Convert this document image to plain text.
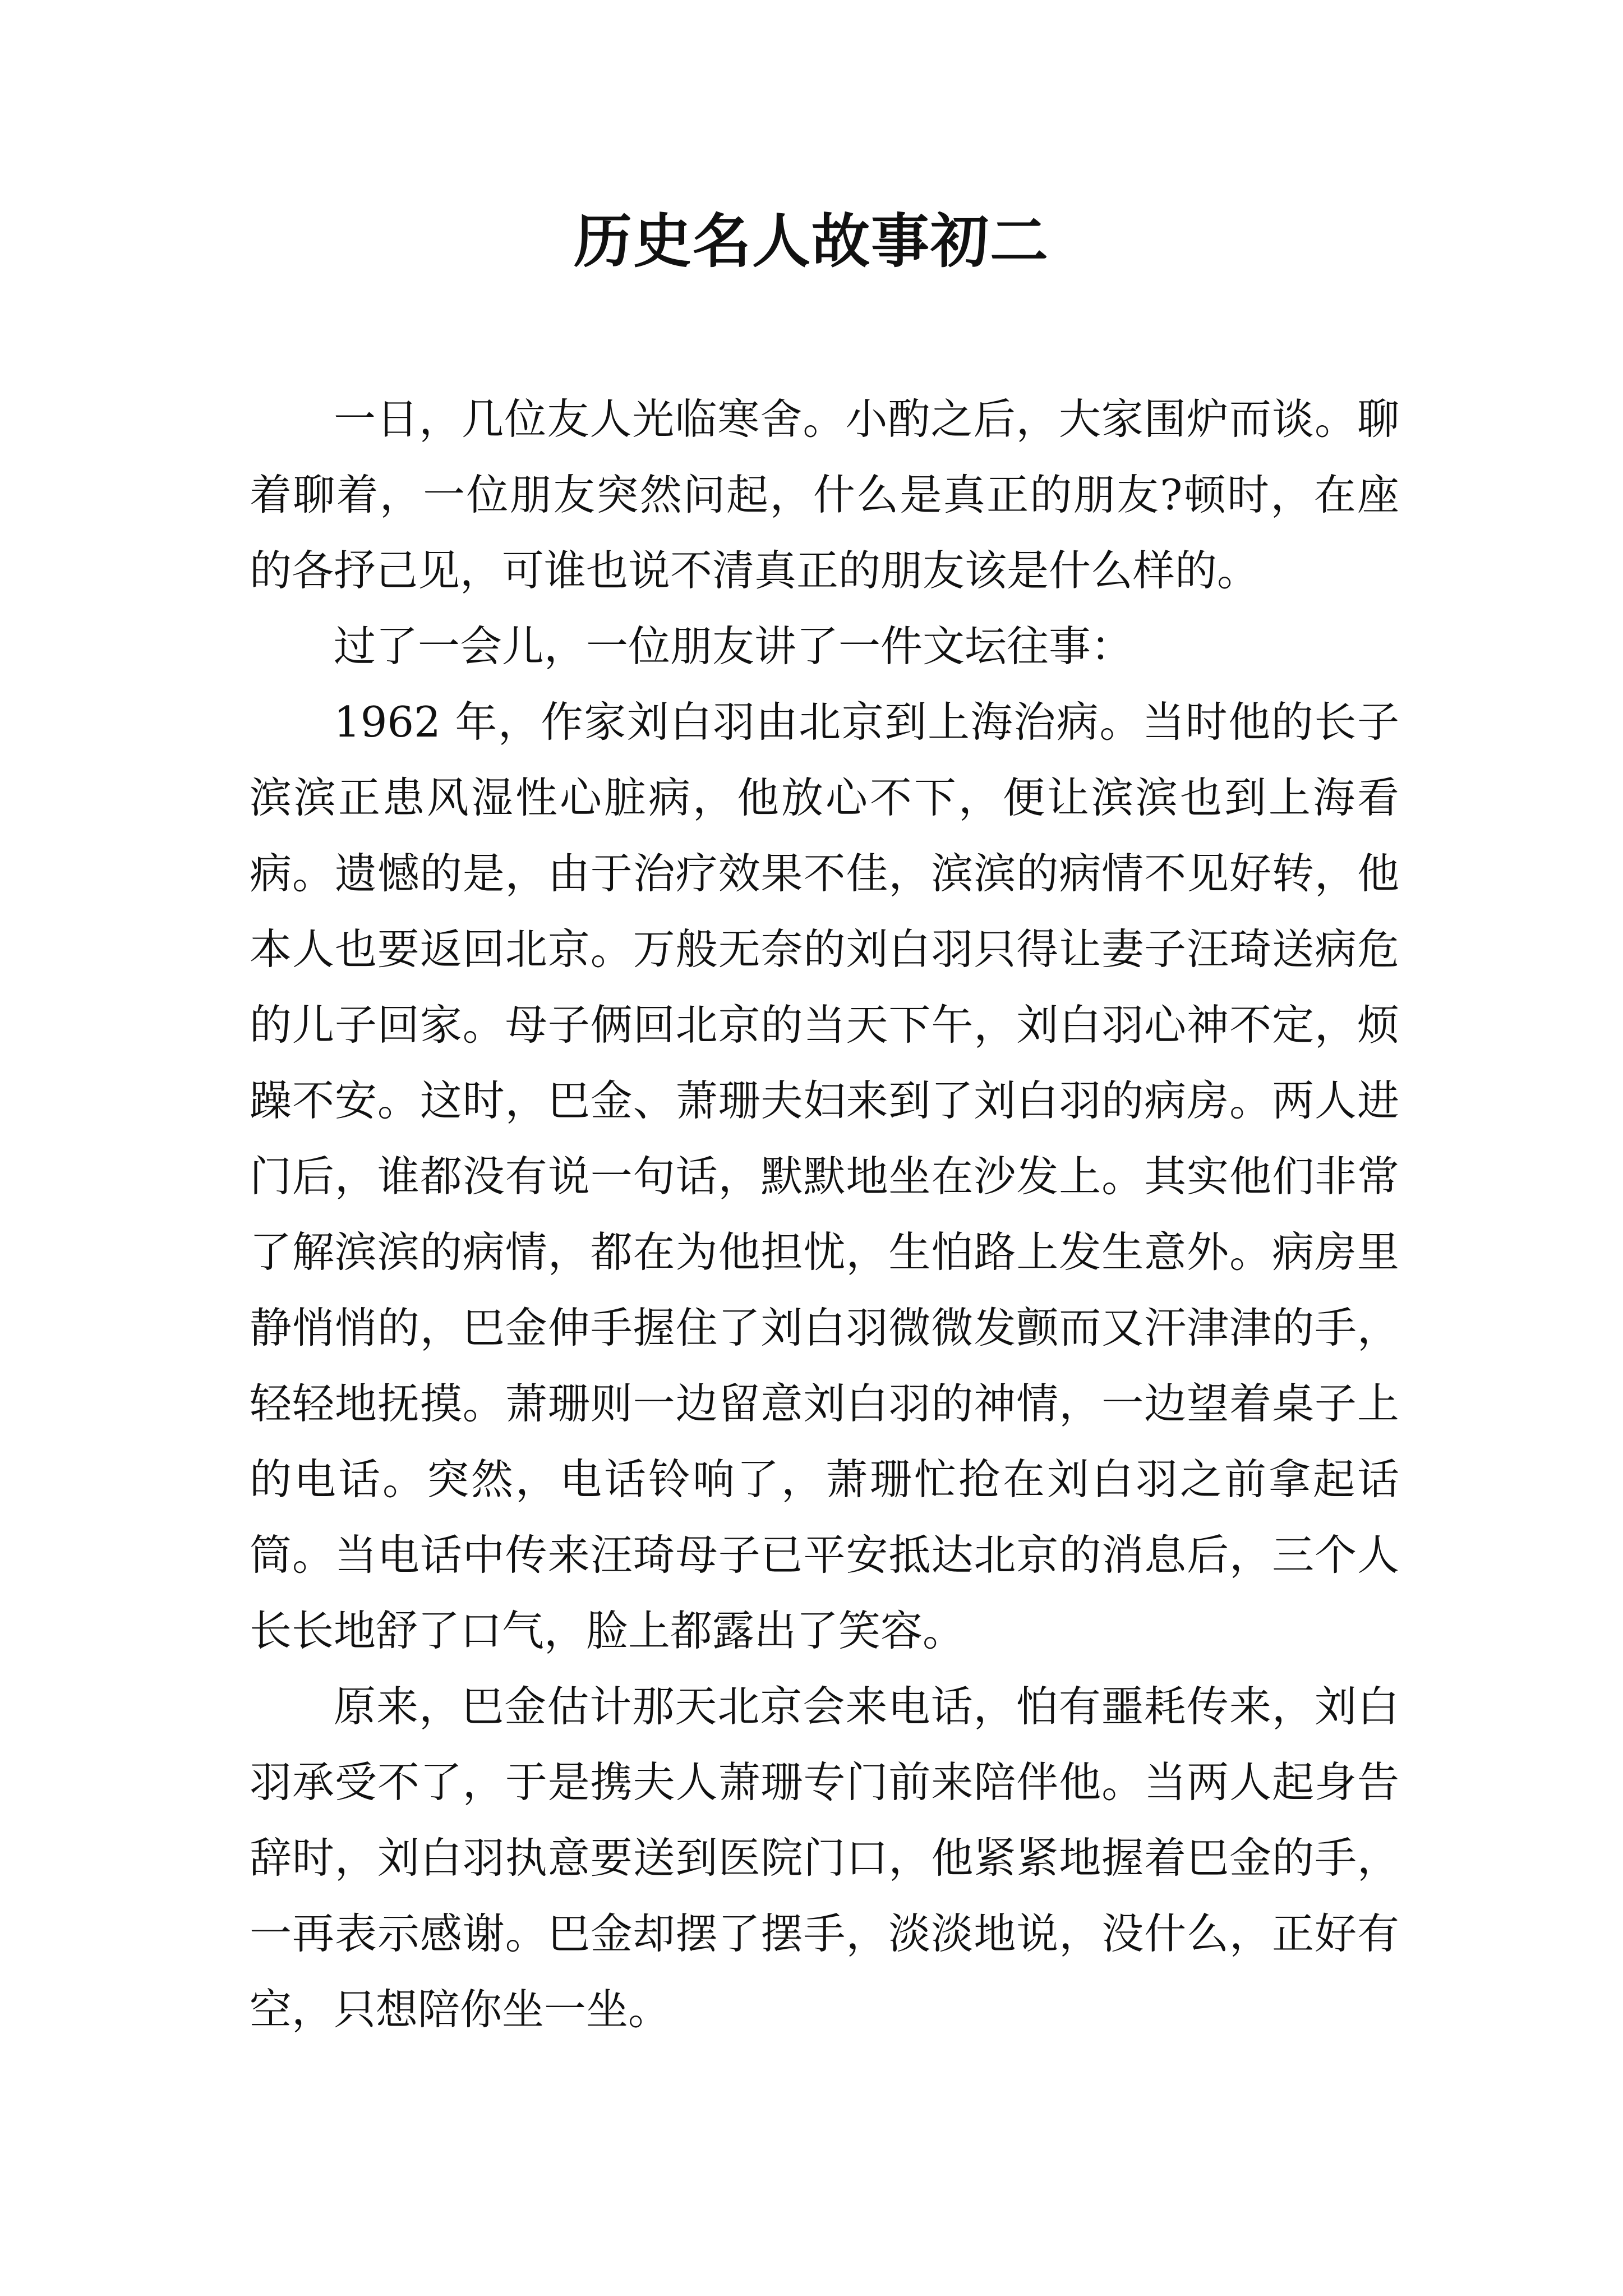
历史名人故事初二

一日，几位友人光临寒舍。小酌之后，大家围炉而谈。聊着聊着，一位朋友突然问起，什么是真正的朋友?顿时，在座的各抒己见，可谁也说不清真正的朋友该是什么样的。

过了一会儿，一位朋友讲了一件文坛往事：

1962 年，作家刘白羽由北京到上海治病。当时他的长子滨滨正患风湿性心脏病，他放心不下，便让滨滨也到上海看病。遗憾的是，由于治疗效果不佳，滨滨的病情不见好转，他本人也要返回北京。万般无奈的刘白羽只得让妻子汪琦送病危的儿子回家。母子俩回北京的当天下午，刘白羽心神不定，烦躁不安。这时，巴金、萧珊夫妇来到了刘白羽的病房。两人进门后，谁都没有说一句话，默默地坐在沙发上。其实他们非常了解滨滨的病情，都在为他担忧，生怕路上发生意外。病房里静悄悄的，巴金伸手握住了刘白羽微微发颤而又汗津津的手，轻轻地抚摸。萧珊则一边留意刘白羽的神情，一边望着桌子上的电话。突然，电话铃响了，萧珊忙抢在刘白羽之前拿起话筒。当电话中传来汪琦母子已平安抵达北京的消息后，三个人长长地舒了口气，脸上都露出了笑容。

原来，巴金估计那天北京会来电话，怕有噩耗传来，刘白羽承受不了，于是携夫人萧珊专门前来陪伴他。当两人起身告辞时，刘白羽执意要送到医院门口，他紧紧地握着巴金的手，一再表示感谢。巴金却摆了摆手，淡淡地说，没什么，正好有空，只想陪你坐一坐。
